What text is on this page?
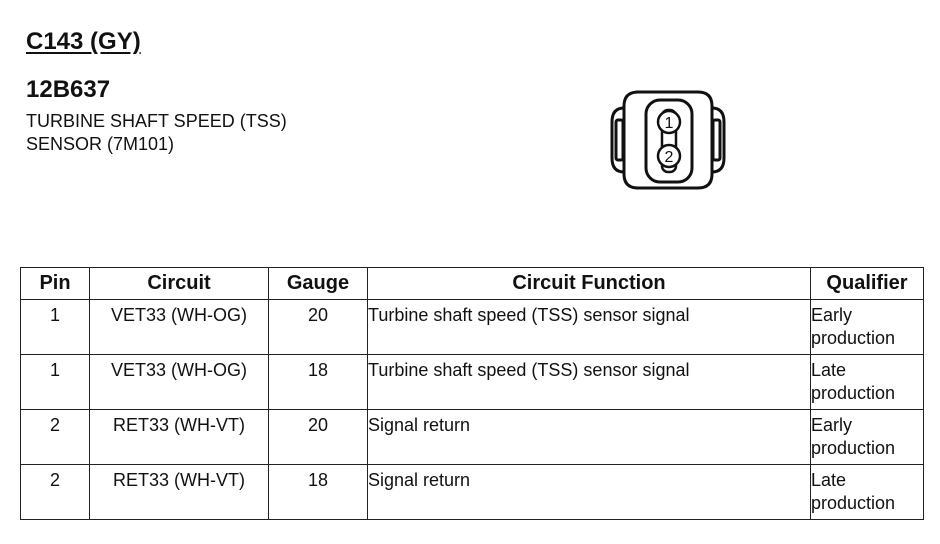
C143 (GY)
12B637
TURBINE SHAFT SPEED (TSS)
SENSOR (7M101)
1
2
Pin	Circuit	Gauge	Circuit Function	Qualifier
1	VET33 (WH-OG)	20	Turbine shaft speed (TSS) sensor signal	Early production

1	VET33 (WH-OG)	18	Turbine shaft speed (TSS) sensor signal	Late production

2	RET33 (WH-VT)	20	Signal return	Early production

2	RET33 (WH-VT)	18	Signal return	Late production
